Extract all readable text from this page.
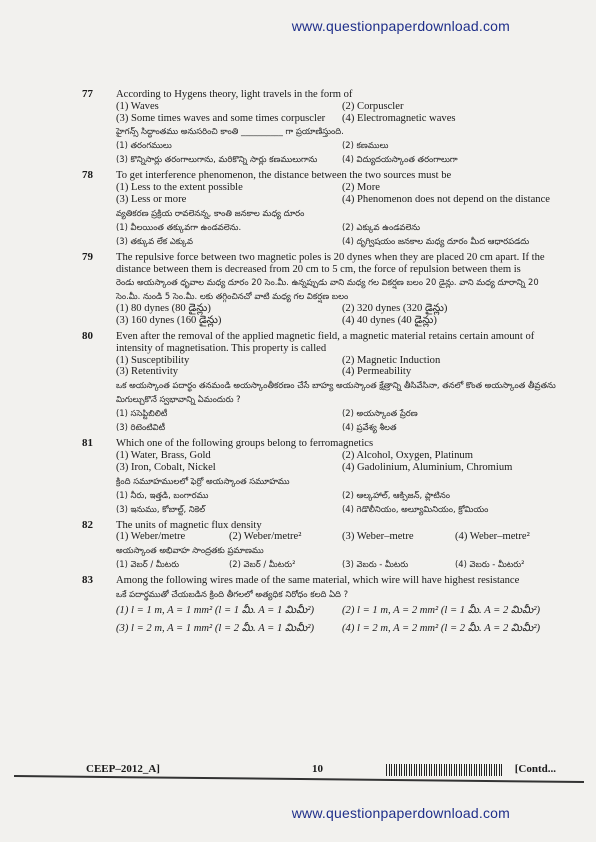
www.questionpaperdownload.com
77 According to Hygens theory, light travels in the form of
(1) Waves	(2) Corpuscler
(3) Some times waves and some times corpuscler	(4) Electromagnetic waves
హైగన్స్ సిద్ధాంతము అనుసరించి కాంతి __________ గా ప్రయాణిస్తుంది.
(1) తరంగములు	(2) కణములు
(3) కొన్నిసార్లు తరంగాలుగాను, మరికొన్ని సార్లు కణములుగాను	(4) విద్యుదయస్కాంత తరంగాలుగా
78 To get interference phenomenon, the distance between the two sources must be
(1) Less to the extent possible	(2) More
(3) Less or more	(4) Phenomenon does not depend on the distance
వ్యతికరణ ప్రక్రియ రావలెనన్న, కాంతి జనకాల మధ్య దూరం
(1) వీలయింత తక్కువగా ఉండవలెను.	(2) ఎక్కువ ఉండవలెను
(3) తక్కువ లేక ఎక్కువ	(4) దృగ్విషయం జనకాల మధ్య దూరం మీద ఆధారపడదు
79 The repulsive force between two magnetic poles is 20 dynes when they are placed 20 cm apart. If the distance between them is decreased from 20 cm to 5 cm, the force of repulsion between them is
రెండు అయస్కాంత ధృవాల మధ్య దూరం 20 సెం.మీ. ఉన్నప్పుడు వాని మధ్య గల వికర్షణ బలం 20 డైన్లు. వాని మధ్య దూరాన్ని 20 సెం.మీ. నుండి 5 సెం.మీ. లకు తగ్గించినచో వాటి మధ్య గల వికర్షణ బలం
(1) 80 dynes (80 డైన్లు)	(2) 320 dynes (320 డైన్లు)
(3) 160 dynes (160 డైన్లు)	(4) 40 dynes (40 డైన్లు)
80 Even after the removal of the applied magnetic field, a magnetic material retains certain amount of intensity of magnetisation. This property is called
(1) Susceptibility	(2) Magnetic Induction
(3) Retentivity	(4) Permeability
ఒక అయస్కాంత పదార్థం తనమండి అయస్కాంతీకరణం చేసే బాహ్య అయస్కాంత క్షేత్రాన్ని తీసివేసినా, తనలో కొంత అయస్కాంత తీవ్రతను మిగుల్చుకొనే స్వభావాన్ని ఏమందురు ?
(1) ససెప్టిబిలిటీ	(2) అయస్కాంత ప్రేరణ
(3) రిటెంటివిటీ	(4) ప్రవేశ్య శీలత
81 Which one of the following groups belong to ferromagnetics
(1) Water, Brass, Gold	(2) Alcohol, Oxygen, Platinum
(3) Iron, Cobalt, Nickel	(4) Gadolinium, Aluminium, Chromium
క్రింది సమూహములలో ఫెర్రో అయస్కాంత సమూహము
(1) నీరు, ఇత్తడి, బంగారము	(2) ఆల్కహాల్, ఆక్సిజన్, ప్లాటినం
(3) ఇనుము, కోబాల్ట్, నికెల్	(4) గెడొలీనియం, అల్యూమినియం, క్రోమియం
82 The units of magnetic flux density
(1) Weber/metre	(2) Weber/metre²	(3) Weber–metre	(4) Weber–metre²
అయస్కాంత అభివాహ సాంద్రతకు ప్రమాణము
(1) వెబర్ / మీటరు	(2) వెబర్ / మీటరు²	(3) వెబరు - మీటరు	(4) వెబరు - మీటరు²
83 Among the following wires made of the same material, which wire will have highest resistance
ఒకే పదార్థముతో చేయబడిన క్రింది తీగలలో అత్యధిక నిరోధం కలది ఏది ?
(1) l = 1 m, A = 1 mm² (l = 1 మీ. A = 1 మిమీ²)	(2) l = 1 m, A = 2 mm² (l = 1 మీ. A = 2 మిమీ²)
(3) l = 2 m, A = 1 mm² (l = 2 మీ. A = 1 మిమీ²)	(4) l = 2 m, A = 2 mm² (l = 2 మీ. A = 2 మిమీ²)
CEEP–2012_A]	10	[Contd...
www.questionpaperdownload.com
